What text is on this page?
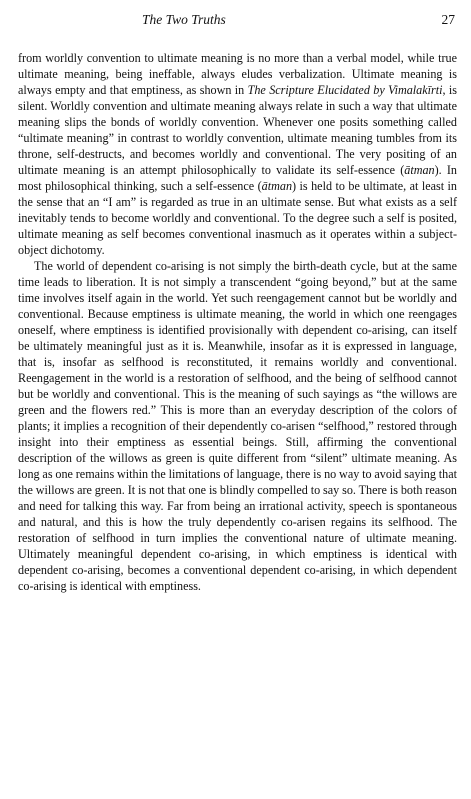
The Two Truths	27

from worldly convention to ultimate meaning is no more than a verbal model, while true ultimate meaning, being ineffable, always eludes verbalization. Ultimate meaning is always empty and that emptiness, as shown in The Scripture Elucidated by Vimalakīrti, is silent. Worldly convention and ultimate meaning always relate in such a way that ultimate meaning slips the bonds of worldly convention. Whenever one posits something called “ultimate meaning” in contrast to worldly convention, ultimate meaning tumbles from its throne, self-destructs, and becomes worldly and conventional. The very positing of an ultimate meaning is an attempt philosophically to validate its self-essence (ātman). In most philosophical thinking, such a self-essence (ātman) is held to be ultimate, at least in the sense that an “I am” is regarded as true in an ultimate sense. But what exists as a self inevitably tends to become worldly and conventional. To the degree such a self is posited, ultimate meaning as self becomes conventional inasmuch as it operates within a subject-object dichotomy.

The world of dependent co-arising is not simply the birth-death cycle, but at the same time leads to liberation. It is not simply a transcendent “going beyond,” but at the same time involves itself again in the world. Yet such reengagement cannot but be worldly and conventional. Because emptiness is ultimate meaning, the world in which one reengages oneself, where emptiness is identified provisionally with dependent co-arising, can itself be ultimately meaningful just as it is. Meanwhile, insofar as it is expressed in language, that is, insofar as selfhood is reconstituted, it remains worldly and conventional. Reengagement in the world is a restoration of selfhood, and the being of selfhood cannot but be worldly and conventional. This is the meaning of such sayings as “the willows are green and the flowers red.” This is more than an everyday description of the colors of plants; it implies a recognition of their dependently co-arisen “selfhood,” restored through insight into their emptiness as essential beings. Still, affirming the conventional description of the willows as green is quite different from “silent” ultimate meaning. As long as one remains within the limitations of language, there is no way to avoid saying that the willows are green. It is not that one is blindly compelled to say so. There is both reason and need for talking this way. Far from being an irrational activity, speech is spontaneous and natural, and this is how the truly dependently co-arisen regains its selfhood. The restoration of selfhood in turn implies the conventional nature of ultimate meaning. Ultimately meaningful dependent co-arising, in which emptiness is identical with dependent co-arising, becomes a conventional dependent co-arising, in which dependent co-arising is identical with emptiness.
